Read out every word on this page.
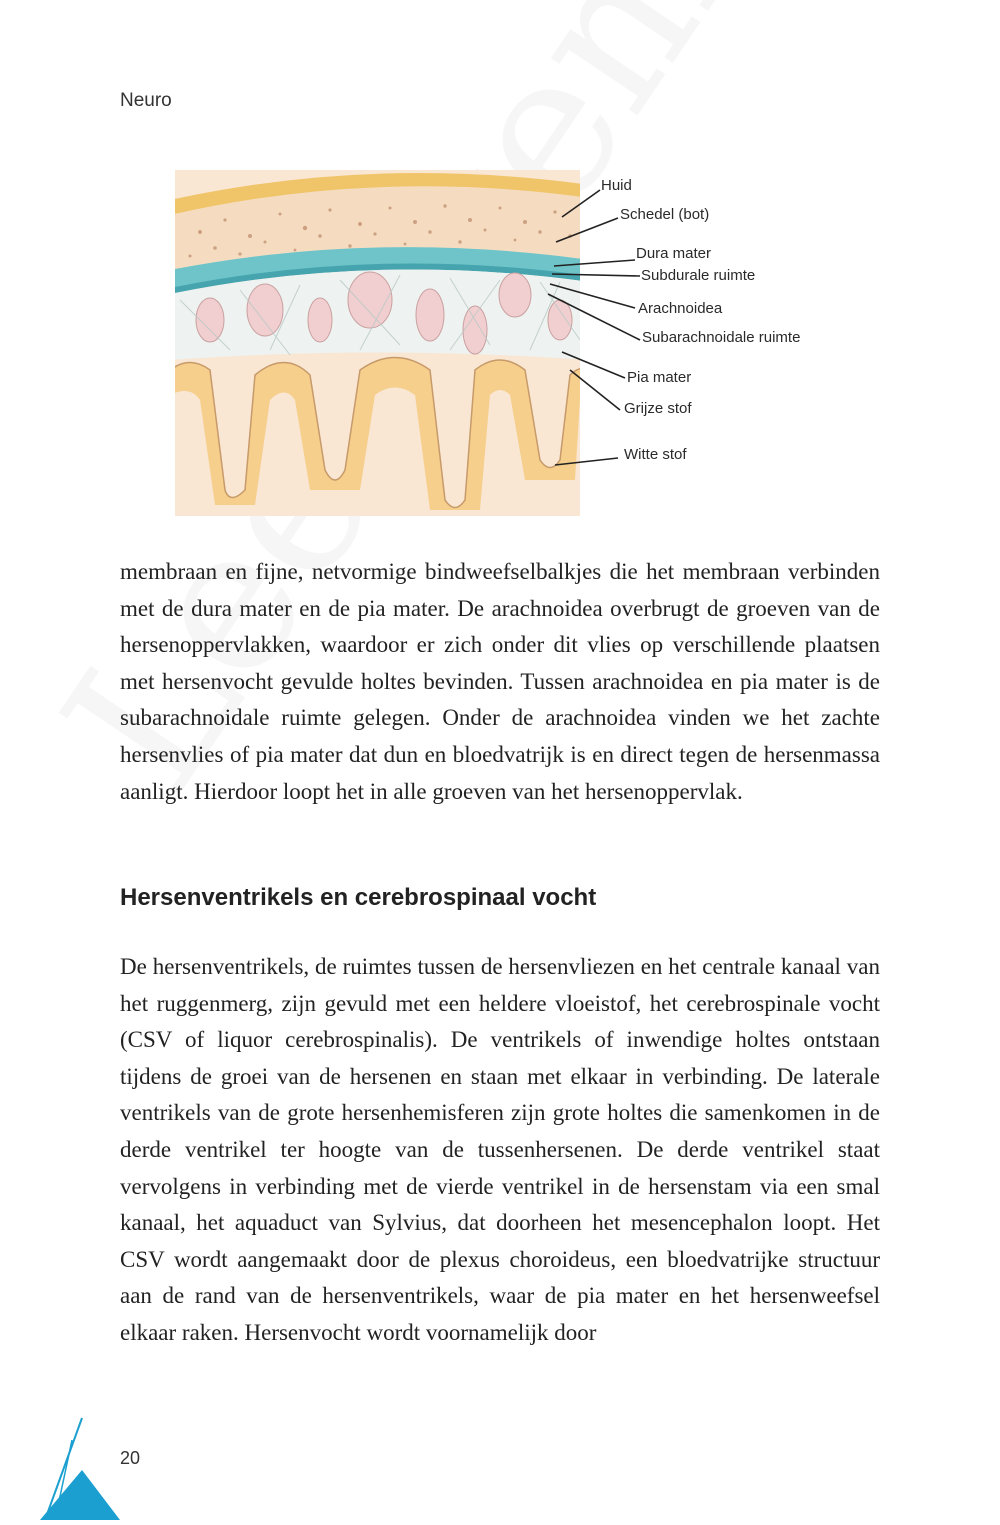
Neuro
Huid
Schedel (bot)
Dura mater
Subdurale ruimte
Arachnoidea
Subarachnoidale ruimte
Pia mater
Grijze stof
Witte stof

membraan en fijne, netvormige bindweefselbalkjes die het membraan verbinden met de dura mater en de pia mater. De arachnoidea overbrugt de groeven van de hersenoppervlakken, waardoor er zich onder dit vlies op verschillende plaatsen met hersenvocht gevulde holtes bevinden. Tussen arachnoidea en pia mater is de subarachnoidale ruimte gelegen. Onder de arachnoidea vinden we het zachte hersenvlies of pia mater dat dun en bloedvatrijk is en direct tegen de hersenmassa aanligt. Hierdoor loopt het in alle groeven van het hersenoppervlak.

Hersenventrikels en cerebrospinaal vocht

De hersenventrikels, de ruimtes tussen de hersenvliezen en het centrale kanaal van het ruggenmerg, zijn gevuld met een heldere vloeistof, het cerebrospinale vocht (CSV of liquor cerebrospinalis). De ventrikels of inwendige holtes ontstaan tijdens de groei van de hersenen en staan met elkaar in verbinding. De laterale ventrikels van de grote hersenhemisferen zijn grote holtes die samenkomen in de derde ventrikel ter hoogte van de tussenhersenen. De derde ventrikel staat vervolgens in verbinding met de vierde ventrikel in de hersenstam via een smal kanaal, het aquaduct van Sylvius, dat doorheen het mesencephalon loopt. Het CSV wordt aangemaakt door de plexus choroideus, een bloedvatrijke structuur aan de rand van de hersenventrikels, waar de pia mater en het hersenweefsel elkaar raken. Hersenvocht wordt voornamelijk door

20
